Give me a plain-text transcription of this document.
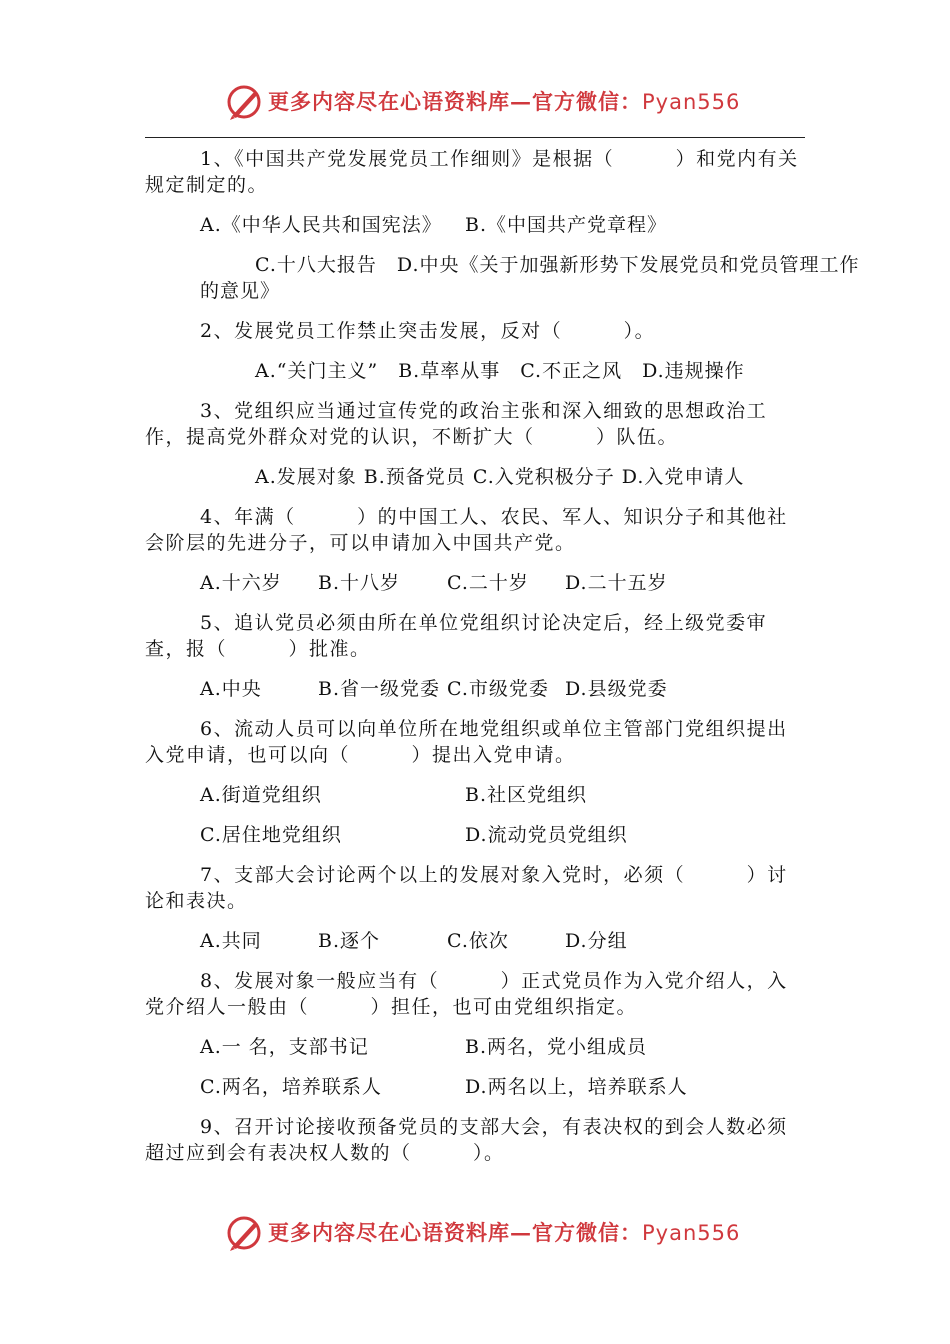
更多内容尽在心语资料库—官方微信：Pyan556

1、《中国共产党发展党员工作细则》是根据（　　　）和党内有关规定制定的。

A.《中华人民共和国宪法》 B.《中国共产党章程》
C.十八大报告　D.中央《关于加强新形势下发展党员和党员管理工作的意见》

2、发展党员工作禁止突击发展，反对（　　　）。

A.“关门主义”　B.草率从事　C.不正之风　D.违规操作

3、党组织应当通过宣传党的政治主张和深入细致的思想政治工作，提高党外群众对党的认识，不断扩大（　　　）队伍。

A.发展对象 B.预备党员 C.入党积极分子 D.入党申请人

4、年满（　　　）的中国工人、农民、军人、知识分子和其他社会阶层的先进分子，可以申请加入中国共产党。

A.十六岁 B.十八岁 C.二十岁 D.二十五岁

5、追认党员必须由所在单位党组织讨论决定后，经上级党委审查，报（　　　）批准。

A.中央	B.省一级党委 C.市级党委 D.县级党委

6、流动人员可以向单位所在地党组织或单位主管部门党组织提出入党申请，也可以向（　　　）提出入党申请。

A.街道党组织	B.社区党组织
C.居住地党组织	D.流动党员党组织

7、支部大会讨论两个以上的发展对象入党时，必须（　　　）讨论和表决。

A.共同	B.逐个	C.依次	D.分组

8、发展对象一般应当有（　　　）正式党员作为入党介绍人，入党介绍人一般由（　　　）担任，也可由党组织指定。

A.一 名，支部书记	B.两名，党小组成员
C.两名，培养联系人	D.两名以上，培养联系人

9、召开讨论接收预备党员的支部大会，有表决权的到会人数必须超过应到会有表决权人数的（　　　）。

更多内容尽在心语资料库—官方微信：Pyan556
